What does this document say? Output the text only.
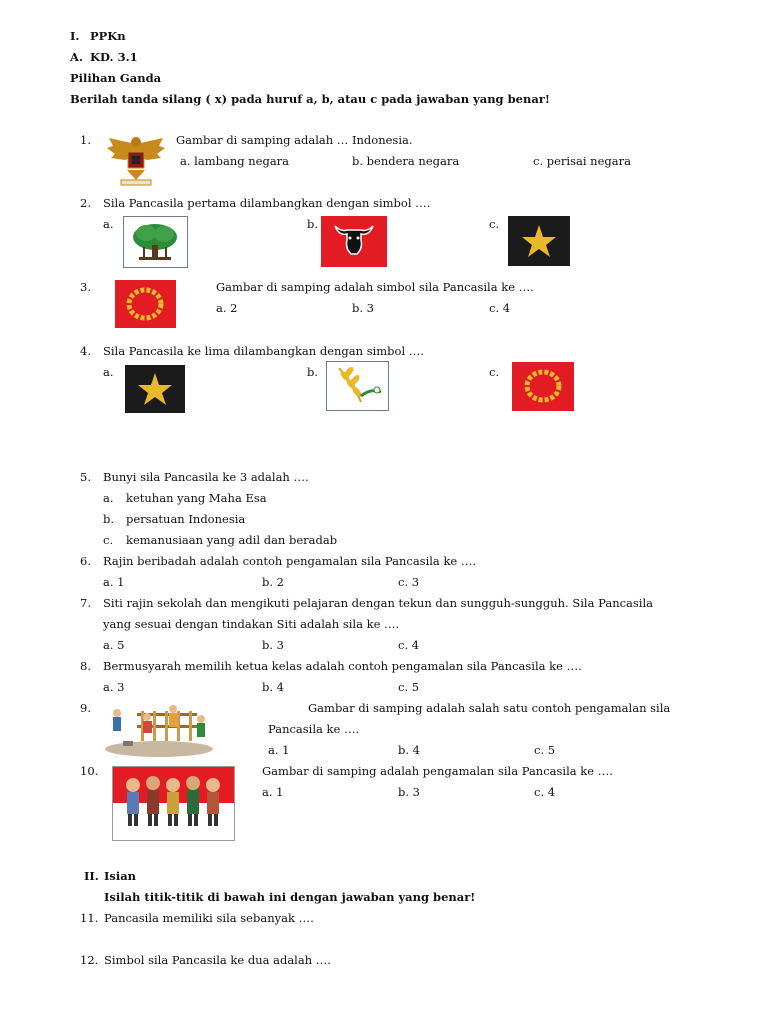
I. PPKn
A. KD. 3.1
Pilihan Ganda
Berilah tanda silang ( x) pada huruf a, b, atau c pada jawaban yang benar!
1.	Gambar di samping adalah … Indonesia.
a. lambang negara	b. bendera negara	c. perisai negara
2. Sila Pancasila pertama dilambangkan dengan simbol ….
a.	b.	c.
3.	Gambar di samping adalah simbol sila Pancasila ke ….
a. 2	b. 3	c. 4
4. Sila Pancasila ke lima dilambangkan dengan simbol ….
a.	b.	c.
5. Bunyi sila Pancasila ke 3 adalah ….
a. ketuhan yang Maha Esa
b. persatuan Indonesia
c. kemanusiaan yang adil dan beradab
6. Rajin beribadah adalah contoh pengamalan sila Pancasila ke ….
a. 1	b. 2	c. 3
7. Siti rajin sekolah dan mengikuti pelajaran dengan tekun dan sungguh-sungguh. Sila Pancasila
yang sesuai dengan tindakan Siti adalah sila ke ….
a. 5	b. 3	c. 4
8. Bermusyarah memilih ketua kelas adalah contoh pengamalan sila Pancasila ke ….
a. 3	b. 4	c. 5
9.	Gambar di samping adalah salah satu contoh pengamalan sila
Pancasila ke ….
a. 1	b. 4	c. 5
10.	Gambar di samping adalah pengamalan sila Pancasila ke ….
a. 1	b. 3	c. 4
II. Isian
Isilah titik-titik di bawah ini dengan jawaban yang benar!
11. Pancasila memiliki sila sebanyak ….
12. Simbol sila Pancasila ke dua adalah ….
